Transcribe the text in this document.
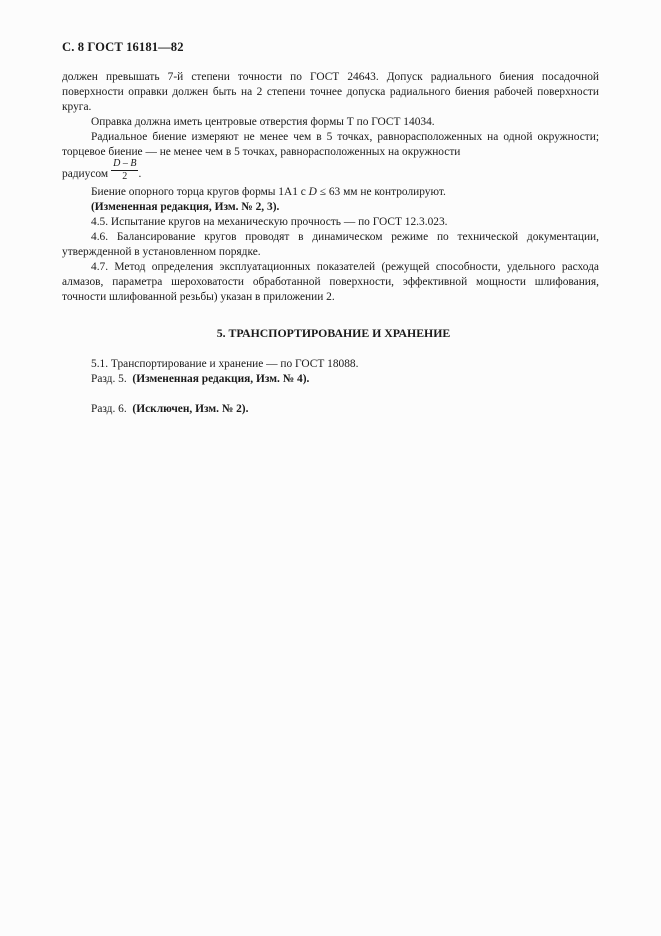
С. 8 ГОСТ 16181—82

должен превышать 7-й степени точности по ГОСТ 24643. Допуск радиального биения посадочной поверхности оправки должен быть на 2 степени точнее допуска радиального биения рабочей поверхности круга.

Оправка должна иметь центровые отверстия формы Т по ГОСТ 14034.

Радиальное биение измеряют не менее чем в 5 точках, равнорасположенных на одной окружности; торцевое биение — не менее чем в 5 точках, равнорасположенных на окружности

радиусом $\frac{D - B}{2}$ .

Биение опорного торца кругов формы 1А1 с D ≤ 63 мм не контролируют.

(Измененная редакция, Изм. № 2, 3).

4.5. Испытание кругов на механическую прочность — по ГОСТ 12.3.023.

4.6. Балансирование кругов проводят в динамическом режиме по технической документации, утвержденной в установленном порядке.

4.7. Метод определения эксплуатационных показателей (режущей способности, удельного расхода алмазов, параметра шероховатости обработанной поверхности, эффективной мощности шлифования, точности шлифованной резьбы) указан в приложении 2.

5. ТРАНСПОРТИРОВАНИЕ И ХРАНЕНИЕ

5.1. Транспортирование и хранение — по ГОСТ 18088.

Разд. 5. (Измененная редакция, Изм. № 4).

Разд. 6. (Исключен, Изм. № 2).
